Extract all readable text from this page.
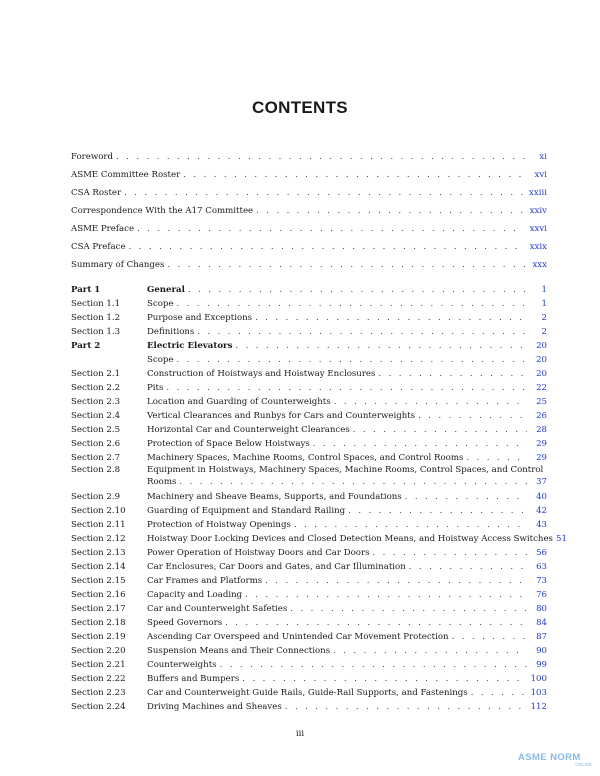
CONTENTS
Foreword . . .	xi
ASME Committee Roster . . .	xvi
CSA Roster . . .	xxiii
Correspondence With the A17 Committee . . .	xxiv
ASME Preface . . .	xxvi
CSA Preface . . .	xxix
Summary of Changes . . .	xxx
Part 1	General . . .	1
Section 1.1	Scope . . .	1
Section 1.2	Purpose and Exceptions . . .	2
Section 1.3	Definitions . . .	2
Part 2	Electric Elevators . . .	20
Scope . . .	20
Section 2.1	Construction of Hoistways and Hoistway Enclosures . . .	20
Section 2.2	Pits . . .	22
Section 2.3	Location and Guarding of Counterweights . . .	25
Section 2.4	Vertical Clearances and Runbys for Cars and Counterweights . . .	26
Section 2.5	Horizontal Car and Counterweight Clearances . . .	28
Section 2.6	Protection of Space Below Hoistways . . .	29
Section 2.7	Machinery Spaces, Machine Rooms, Control Spaces, and Control Rooms . . .	29
Section 2.8	Equipment in Hoistways, Machinery Spaces, Machine Rooms, Control Spaces, and Control
Rooms . . .	37
Section 2.9	Machinery and Sheave Beams, Supports, and Foundations . . .	40
Section 2.10	Guarding of Equipment and Standard Railing . . .	42
Section 2.11	Protection of Hoistway Openings . . .	43
Section 2.12	Hoistway Door Locking Devices and Closed Detection Means, and Hoistway Access Switches 51
Section 2.13	Power Operation of Hoistway Doors and Car Doors . . .	56
Section 2.14	Car Enclosures, Car Doors and Gates, and Car Illumination . . .	63
Section 2.15	Car Frames and Platforms . . .	73
Section 2.16	Capacity and Loading . . .	76
Section 2.17	Car and Counterweight Safeties . . .	80
Section 2.18	Speed Governors . . .	84
Section 2.19	Ascending Car Overspeed and Unintended Car Movement Protection . . .	87
Section 2.20	Suspension Means and Their Connections . . .	90
Section 2.21	Counterweights . . .	99
Section 2.22	Buffers and Bumpers . . .	100
Section 2.23	Car and Counterweight Guide Rails, Guide-Rail Supports, and Fastenings . . .	103
Section 2.24	Driving Machines and Sheaves . . .	112
iii
ASME NORM
ONLINE
